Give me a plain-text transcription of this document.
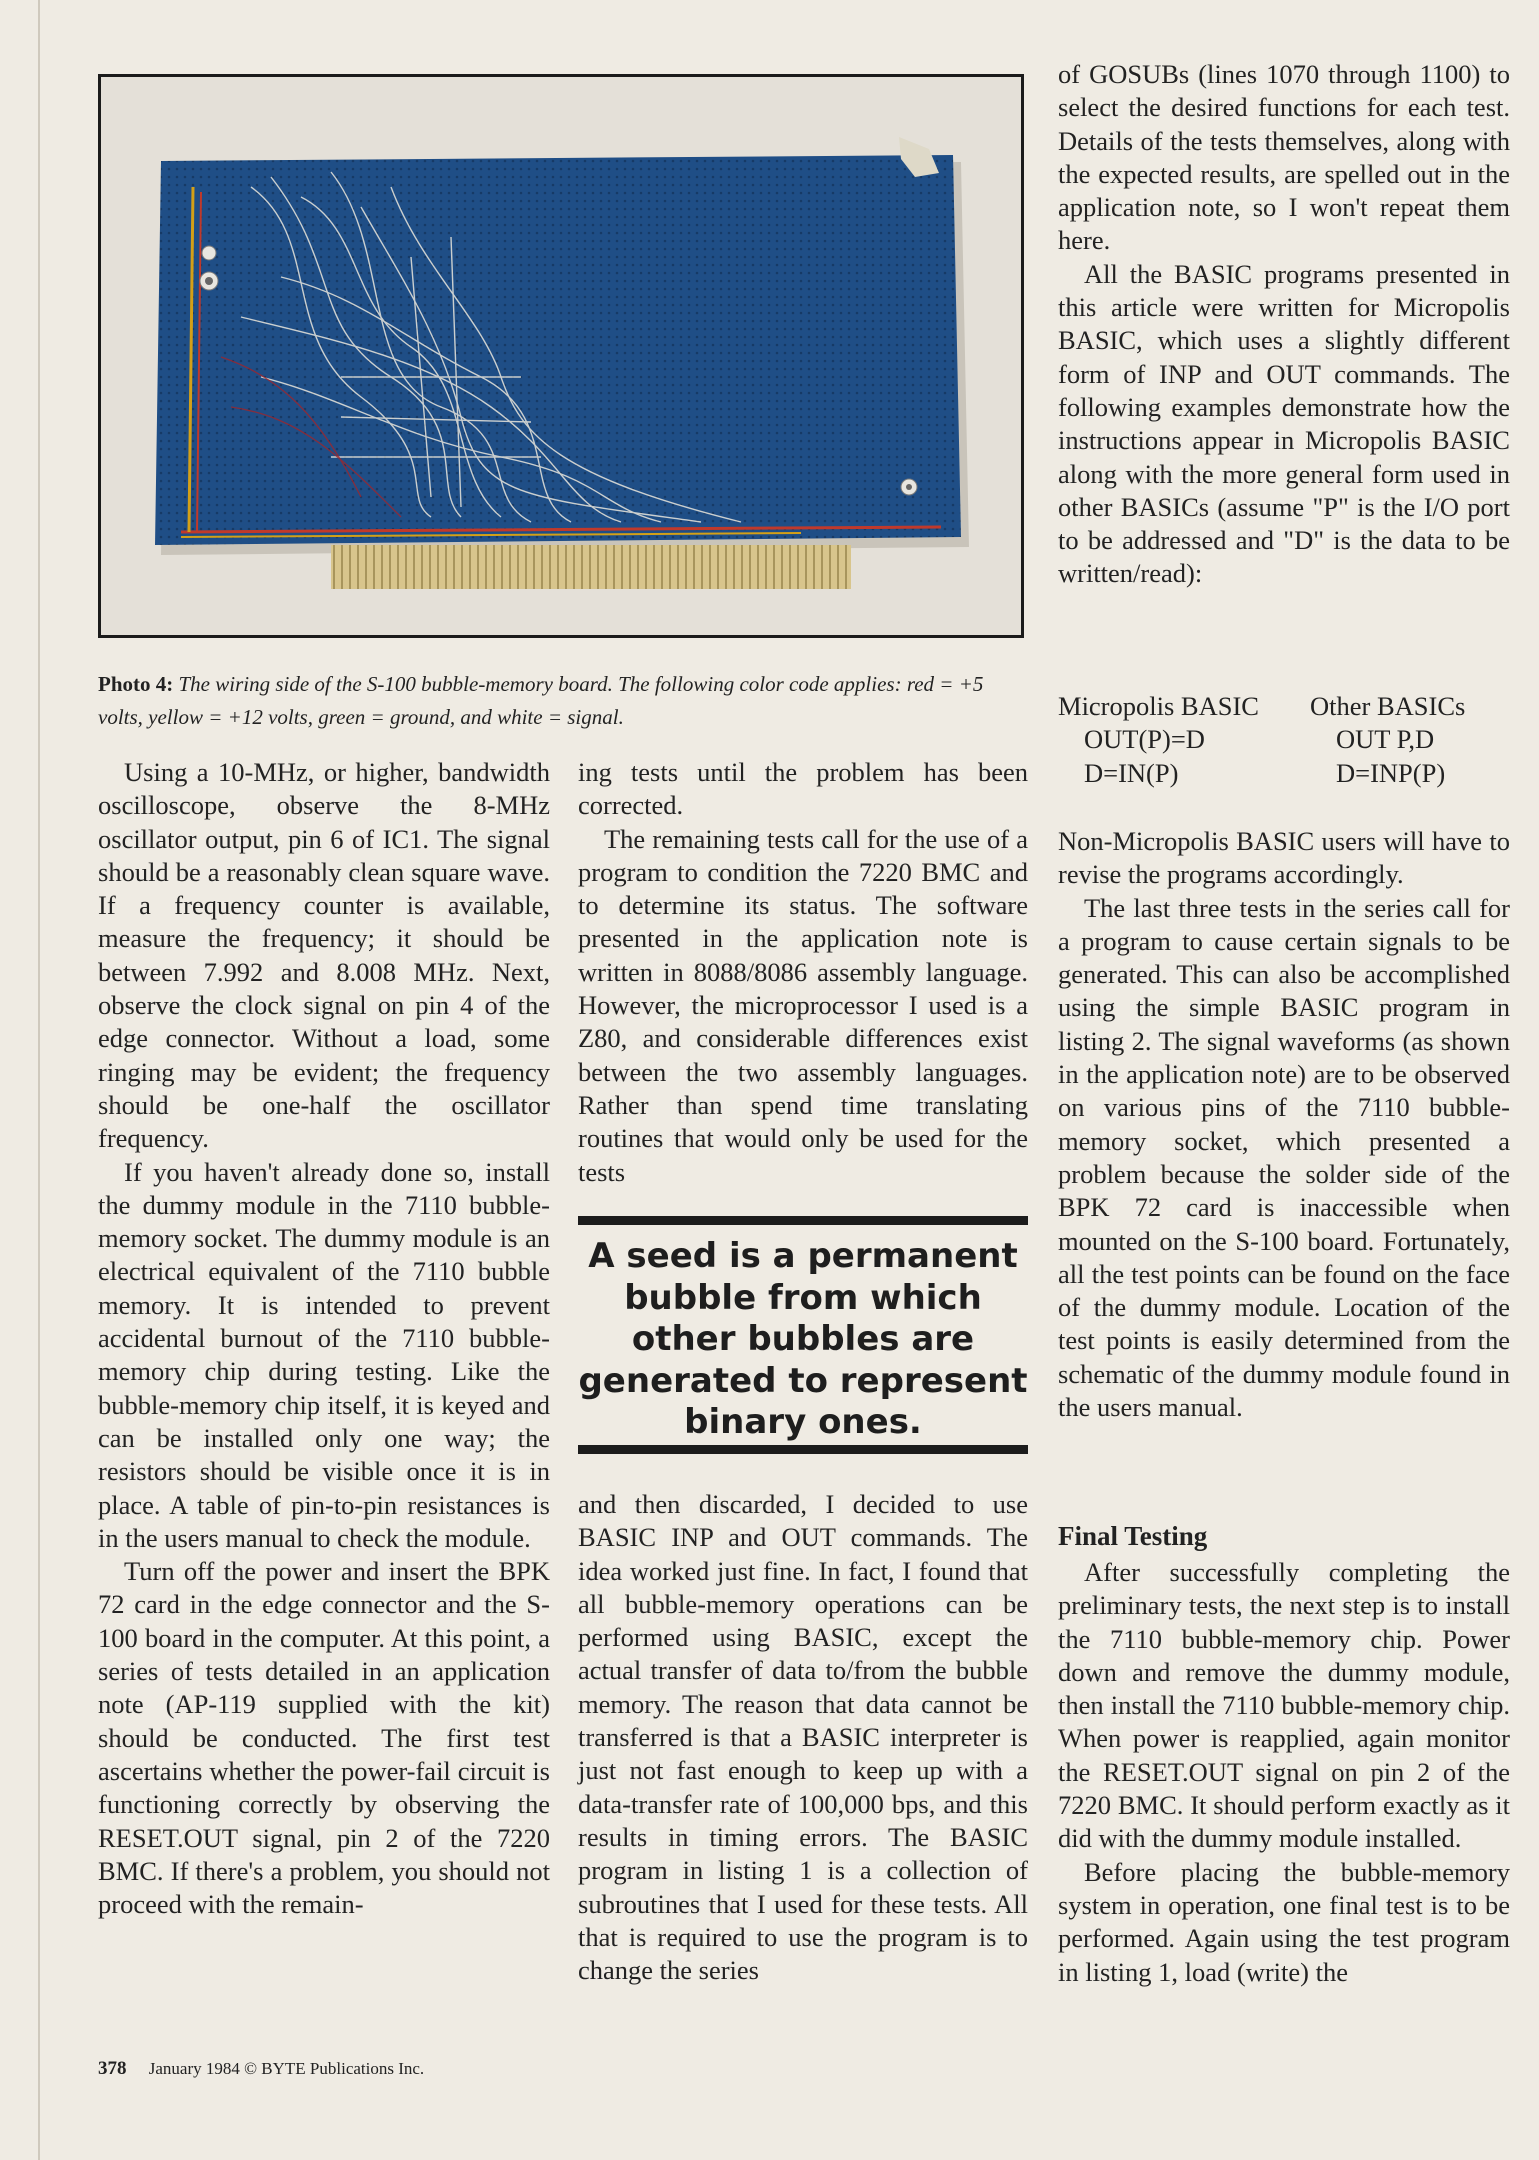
Photo 4: The wiring side of the S-100 bubble-memory board. The following color code applies: red = +5 volts, yellow = +12 volts, green = ground, and white = signal.

Using a 10-MHz, or higher, bandwidth oscilloscope, observe the 8-MHz oscillator output, pin 6 of IC1. The signal should be a reasonably clean square wave. If a frequency counter is available, measure the frequency; it should be between 7.992 and 8.008 MHz. Next, observe the clock signal on pin 4 of the edge connector. Without a load, some ringing may be evident; the frequency should be one-half the oscillator frequency.

If you haven't already done so, install the dummy module in the 7110 bubble-memory socket. The dummy module is an electrical equivalent of the 7110 bubble memory. It is intended to prevent accidental burnout of the 7110 bubble-memory chip during testing. Like the bubble-memory chip itself, it is keyed and can be installed only one way; the resistors should be visible once it is in place. A table of pin-to-pin resistances is in the users manual to check the module.

Turn off the power and insert the BPK 72 card in the edge connector and the S-100 board in the computer. At this point, a series of tests detailed in an application note (AP-119 supplied with the kit) should be conducted. The first test ascertains whether the power-fail circuit is functioning correctly by observing the RESET.OUT signal, pin 2 of the 7220 BMC. If there's a problem, you should not proceed with the remain-

ing tests until the problem has been corrected.

The remaining tests call for the use of a program to condition the 7220 BMC and to determine its status. The software presented in the application note is written in 8088/8086 assembly language. However, the microprocessor I used is a Z80, and considerable differences exist between the two assembly languages. Rather than spend time translating routines that would only be used for the tests

A seed is a permanent bubble from which other bubbles are generated to represent binary ones.

and then discarded, I decided to use BASIC INP and OUT commands. The idea worked just fine. In fact, I found that all bubble-memory operations can be performed using BASIC, except the actual transfer of data to/from the bubble memory. The reason that data cannot be transferred is that a BASIC interpreter is just not fast enough to keep up with a data-transfer rate of 100,000 bps, and this results in timing errors. The BASIC program in listing 1 is a collection of subroutines that I used for these tests. All that is required to use the program is to change the series

of GOSUBs (lines 1070 through 1100) to select the desired functions for each test. Details of the tests themselves, along with the expected results, are spelled out in the application note, so I won't repeat them here.

All the BASIC programs presented in this article were written for Micropolis BASIC, which uses a slightly different form of INP and OUT commands. The following examples demonstrate how the instructions appear in Micropolis BASIC along with the more general form used in other BASICs (assume "P" is the I/O port to be addressed and "D" is the data to be written/read):

Micropolis BASIC	Other BASICs
OUT(P)=D	OUT P,D
D=IN(P)	D=INP(P)

Non-Micropolis BASIC users will have to revise the programs accordingly.

The last three tests in the series call for a program to cause certain signals to be generated. This can also be accomplished using the simple BASIC program in listing 2. The signal waveforms (as shown in the application note) are to be observed on various pins of the 7110 bubble-memory socket, which presented a problem because the solder side of the BPK 72 card is inaccessible when mounted on the S-100 board. Fortunately, all the test points can be found on the face of the dummy module. Location of the test points is easily determined from the schematic of the dummy module found in the users manual.

Final Testing

After successfully completing the preliminary tests, the next step is to install the 7110 bubble-memory chip. Power down and remove the dummy module, then install the 7110 bubble-memory chip. When power is reapplied, again monitor the RESET.OUT signal on pin 2 of the 7220 BMC. It should perform exactly as it did with the dummy module installed.

Before placing the bubble-memory system in operation, one final test is to be performed. Again using the test program in listing 1, load (write) the

378 January 1984 © BYTE Publications Inc.
